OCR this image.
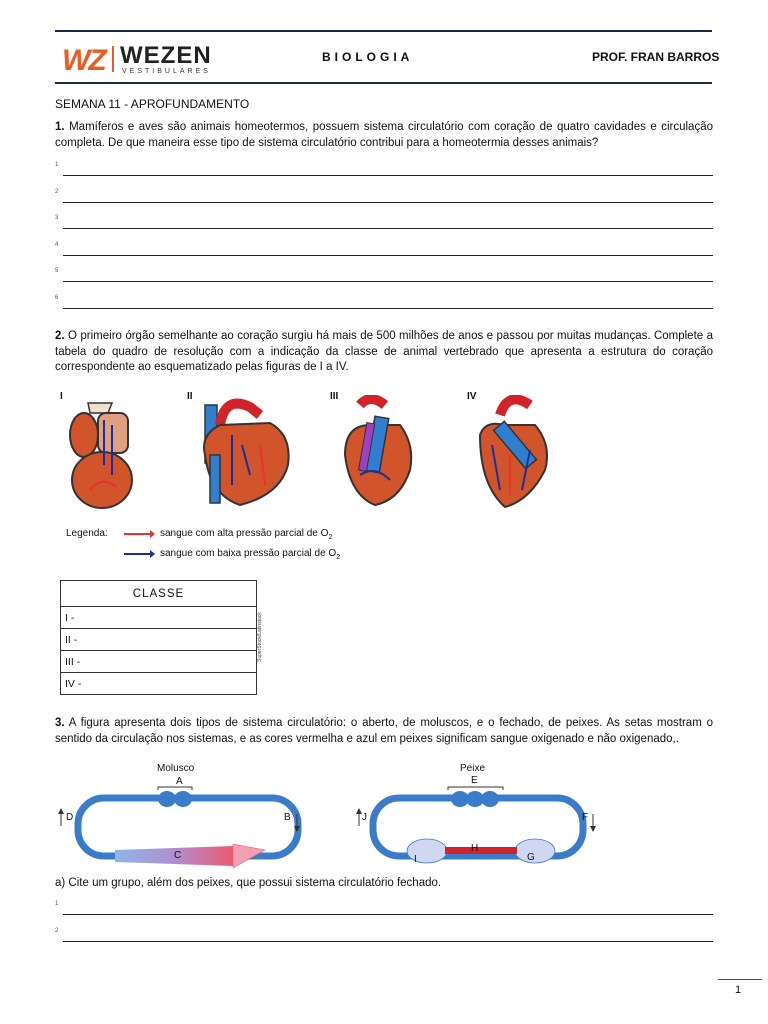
WZ WEZEN
VESTIBULARES
BIOLOGIA	PROF. FRAN BARROS
SEMANA 11 - APROFUNDAMENTO
1. Mamíferos e aves são animais homeotermos, possuem sistema circulatório com coração de quatro cavidades e circulação completa. De que maneira esse tipo de sistema circulatório contribui para a homeotermia desses animais?
1
2
3
4
5
6
2. O primeiro órgão semelhante ao coração surgiu há mais de 500 milhões de anos e passou por muitas mudanças. Complete a tabela do quadro de resolução com a indicação da classe de animal vertebrado que apresenta a estrutura do coração correspondente ao esquematizado pelas figuras de I a IV.
I	II	III	IV
Legenda:	sangue com alta pressão parcial de $O_2$
sangue com baixa pressão parcial de $O_2$
CLASSE
I -
II -
III -
IV -
SuperStock/Latinstock
3. A figura apresenta dois tipos de sistema circulatório: o aberto, de moluscos, e o fechado, de peixes. As setas mostram o sentido da circulação nos sistemas, e as cores vermelha e azul em peixes significam sangue oxigenado e não oxigenado,.
Molusco
A
B
C
D
Peixe
E
F
G
H
I
J
a) Cite um grupo, além dos peixes, que possui sistema circulatório fechado.
1
2
1
